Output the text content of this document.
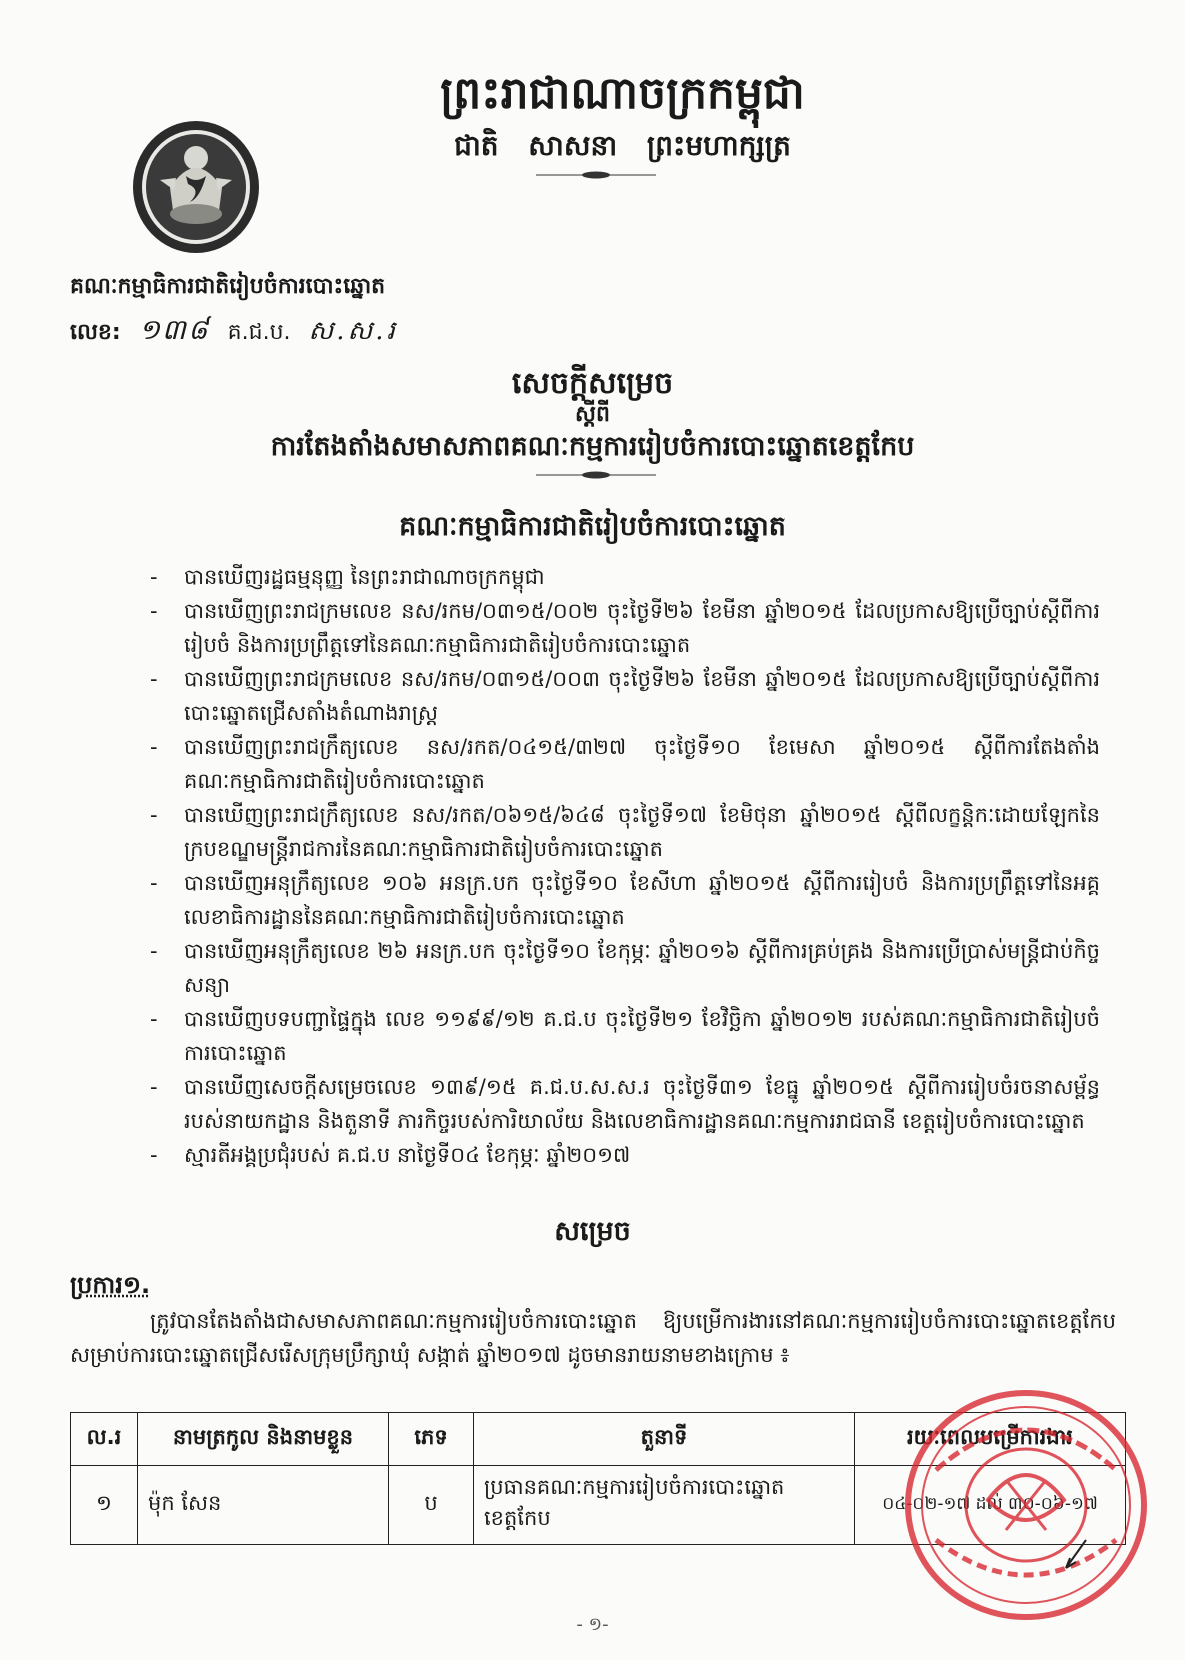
ព្រះរាជាណាចក្រកម្ពុជា
ជាតិ សាសនា ព្រះមហាក្សត្រ
គណៈកម្មាធិការជាតិរៀបចំការបោះឆ្នោត
លេខ: ១៣៨ គ.ជ.ប. ស.ស.រ
សេចក្តីសម្រេច
ស្តីពី
ការតែងតាំងសមាសភាពគណៈកម្មការរៀបចំការបោះឆ្នោតខេត្តកែប
គណៈកម្មាធិការជាតិរៀបចំការបោះឆ្នោត
- បានឃើញរដ្ឋធម្មនុញ្ញ នៃព្រះរាជាណាចក្រកម្ពុជា
- បានឃើញព្រះរាជក្រមលេខ នស/រកម/០៣១៥/០០២ ចុះថ្ងៃទី២៦ ខែមីនា ឆ្នាំ២០១៥ ដែលប្រកាសឱ្យប្រើច្បាប់ស្តីពីការរៀបចំ និងការប្រព្រឹត្តទៅនៃគណៈកម្មាធិការជាតិរៀបចំការបោះឆ្នោត
- បានឃើញព្រះរាជក្រមលេខ នស/រកម/០៣១៥/០០៣ ចុះថ្ងៃទី២៦ ខែមីនា ឆ្នាំ២០១៥ ដែលប្រកាសឱ្យប្រើច្បាប់ស្តីពីការបោះឆ្នោតជ្រើសតាំងតំណាងរាស្ត្រ
- បានឃើញព្រះរាជក្រឹត្យលេខ នស/រកត/០៤១៥/៣២៧ ចុះថ្ងៃទី១០ ខែមេសា ឆ្នាំ២០១៥ ស្តីពីការតែងតាំងគណៈកម្មាធិការជាតិរៀបចំការបោះឆ្នោត
- បានឃើញព្រះរាជក្រឹត្យលេខ នស/រកត/០៦១៥/៦៤៨ ចុះថ្ងៃទី១៧ ខែមិថុនា ឆ្នាំ២០១៥ ស្តីពីលក្ខន្តិកៈដោយឡែកនៃក្របខណ្ឌមន្ត្រីរាជការនៃគណៈកម្មាធិការជាតិរៀបចំការបោះឆ្នោត
- បានឃើញអនុក្រឹត្យលេខ ១០៦ អនក្រ.បក ចុះថ្ងៃទី១០ ខែសីហា ឆ្នាំ២០១៥ ស្តីពីការរៀបចំ និងការប្រព្រឹត្តទៅនៃអគ្គលេខាធិការដ្ឋាននៃគណៈកម្មាធិការជាតិរៀបចំការបោះឆ្នោត
- បានឃើញអនុក្រឹត្យលេខ ២៦ អនក្រ.បក ចុះថ្ងៃទី១០ ខែកុម្ភៈ ឆ្នាំ២០១៦ ស្តីពីការគ្រប់គ្រង និងការប្រើប្រាស់មន្ត្រីជាប់កិច្ចសន្យា
- បានឃើញបទបញ្ជាផ្ទៃក្នុង លេខ ១១៩៩/១២ គ.ជ.ប ចុះថ្ងៃទី២១ ខែវិច្ឆិកា ឆ្នាំ២០១២ របស់គណៈកម្មាធិការជាតិរៀបចំការបោះឆ្នោត
- បានឃើញសេចក្តីសម្រេចលេខ ១៣៩/១៥ គ.ជ.ប.ស.ស.រ ចុះថ្ងៃទី៣១ ខែធ្នូ ឆ្នាំ២០១៥ ស្តីពីការរៀបចំរចនាសម្ព័ន្ធរបស់នាយកដ្ឋាន និងតួនាទី ភារកិច្ចរបស់ការិយាល័យ និងលេខាធិការដ្ឋានគណៈកម្មការរាជធានី ខេត្តរៀបចំការបោះឆ្នោត
- ស្មារតីអង្គប្រជុំរបស់ គ.ជ.ប នាថ្ងៃទី០៤ ខែកុម្ភៈ ឆ្នាំ២០១៧
សម្រេច
ប្រការ១.
ត្រូវបានតែងតាំងជាសមាសភាពគណៈកម្មការរៀបចំការបោះឆ្នោត ឱ្យបម្រើការងារនៅគណៈកម្មការរៀបចំការបោះឆ្នោតខេត្តកែប សម្រាប់ការបោះឆ្នោតជ្រើសរើសក្រុមប្រឹក្សាឃុំ សង្កាត់ ឆ្នាំ២០១៧ ដូចមានរាយនាមខាងក្រោម ៖
ល.រ	នាមត្រកូល និងនាមខ្លួន	ភេទ	តួនាទី	រយៈពេលបម្រើការងារ
១	ម៉ុក សែន	ប	ប្រធានគណៈកម្មការរៀបចំការបោះឆ្នោតខេត្តកែប	០៤-០២-១៧ ដល់ ៣០-០៦-១៧
- ១-
